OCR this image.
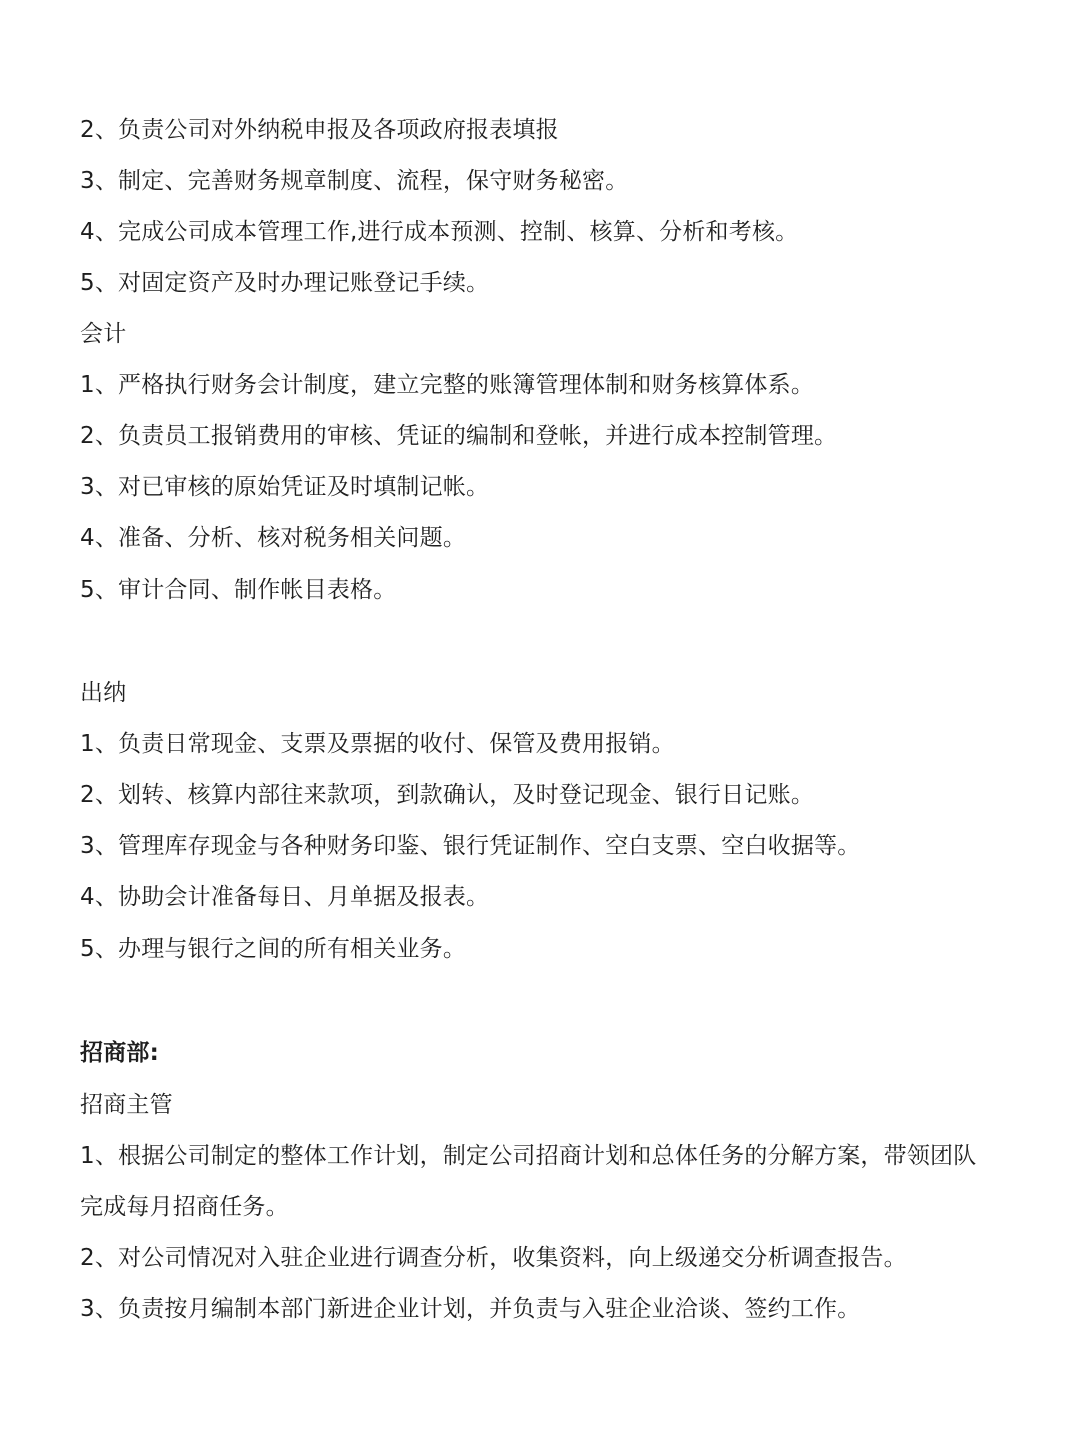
2、负责公司对外纳税申报及各项政府报表填报
3、制定、完善财务规章制度、流程，保守财务秘密。
4、完成公司成本管理工作,进行成本预测、控制、核算、分析和考核。
5、对固定资产及时办理记账登记手续。
会计
1、严格执行财务会计制度，建立完整的账簿管理体制和财务核算体系。
2、负责员工报销费用的审核、凭证的编制和登帐，并进行成本控制管理。
3、对已审核的原始凭证及时填制记帐。
4、准备、分析、核对税务相关问题。
5、审计合同、制作帐目表格。
出纳
1、负责日常现金、支票及票据的收付、保管及费用报销。
2、划转、核算内部往来款项，到款确认，及时登记现金、银行日记账。
3、管理库存现金与各种财务印鉴、银行凭证制作、空白支票、空白收据等。
4、协助会计准备每日、月单据及报表。
5、办理与银行之间的所有相关业务。
招商部:
招商主管
1、根据公司制定的整体工作计划，制定公司招商计划和总体任务的分解方案，带领团队
完成每月招商任务。
2、对公司情况对入驻企业进行调查分析，收集资料，向上级递交分析调查报告。
3、负责按月编制本部门新进企业计划，并负责与入驻企业洽谈、签约工作。
